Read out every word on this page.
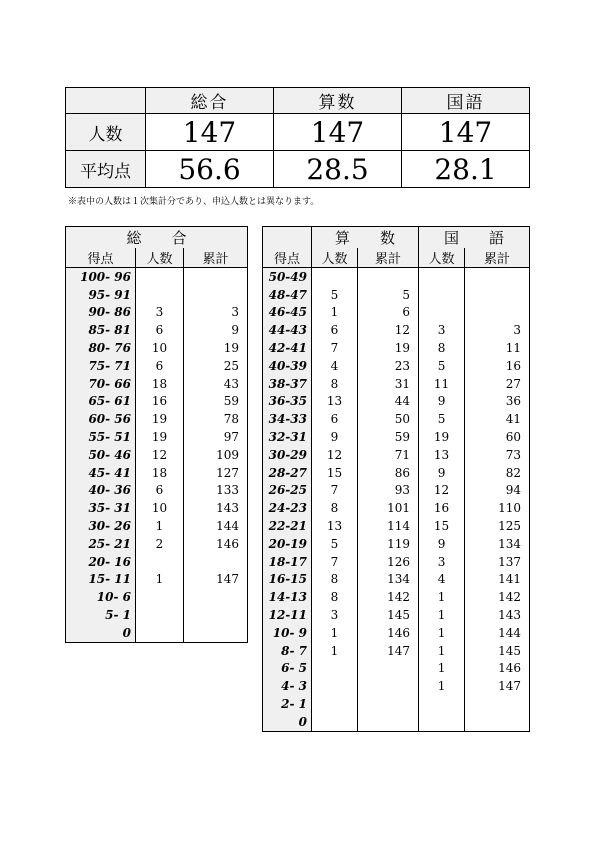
	総合	算数	国語
人数	147	147	147
平均点	56.6	28.5	28.1
※表中の人数は１次集計分であり、申込人数とは異なります。
総　　合		
得点	人数	累計
100- 96		
95- 91		
90- 86	3	3
85- 81	6	9
80- 76	10	19
75- 71	6	25
70- 66	18	43
65- 61	16	59
60- 56	19	78
55- 51	19	97
50- 46	12	109
45- 41	18	127
40- 36	6	133
35- 31	10	143
30- 26	1	144
25- 21	2	146
20- 16		
15- 11	1	147
10- 6		
5- 1		
0		
	算　　数		国　　語	
得点	人数	累計	人数	累計
50-49				
48-47	5	5		
46-45	1	6		
44-43	6	12	3	3
42-41	7	19	8	11
40-39	4	23	5	16
38-37	8	31	11	27
36-35	13	44	9	36
34-33	6	50	5	41
32-31	9	59	19	60
30-29	12	71	13	73
28-27	15	86	9	82
26-25	7	93	12	94
24-23	8	101	16	110
22-21	13	114	15	125
20-19	5	119	9	134
18-17	7	126	3	137
16-15	8	134	4	141
14-13	8	142	1	142
12-11	3	145	1	143
10- 9	1	146	1	144
8- 7	1	147	1	145
6- 5			1	146
4- 3			1	147
2- 1				
0				
